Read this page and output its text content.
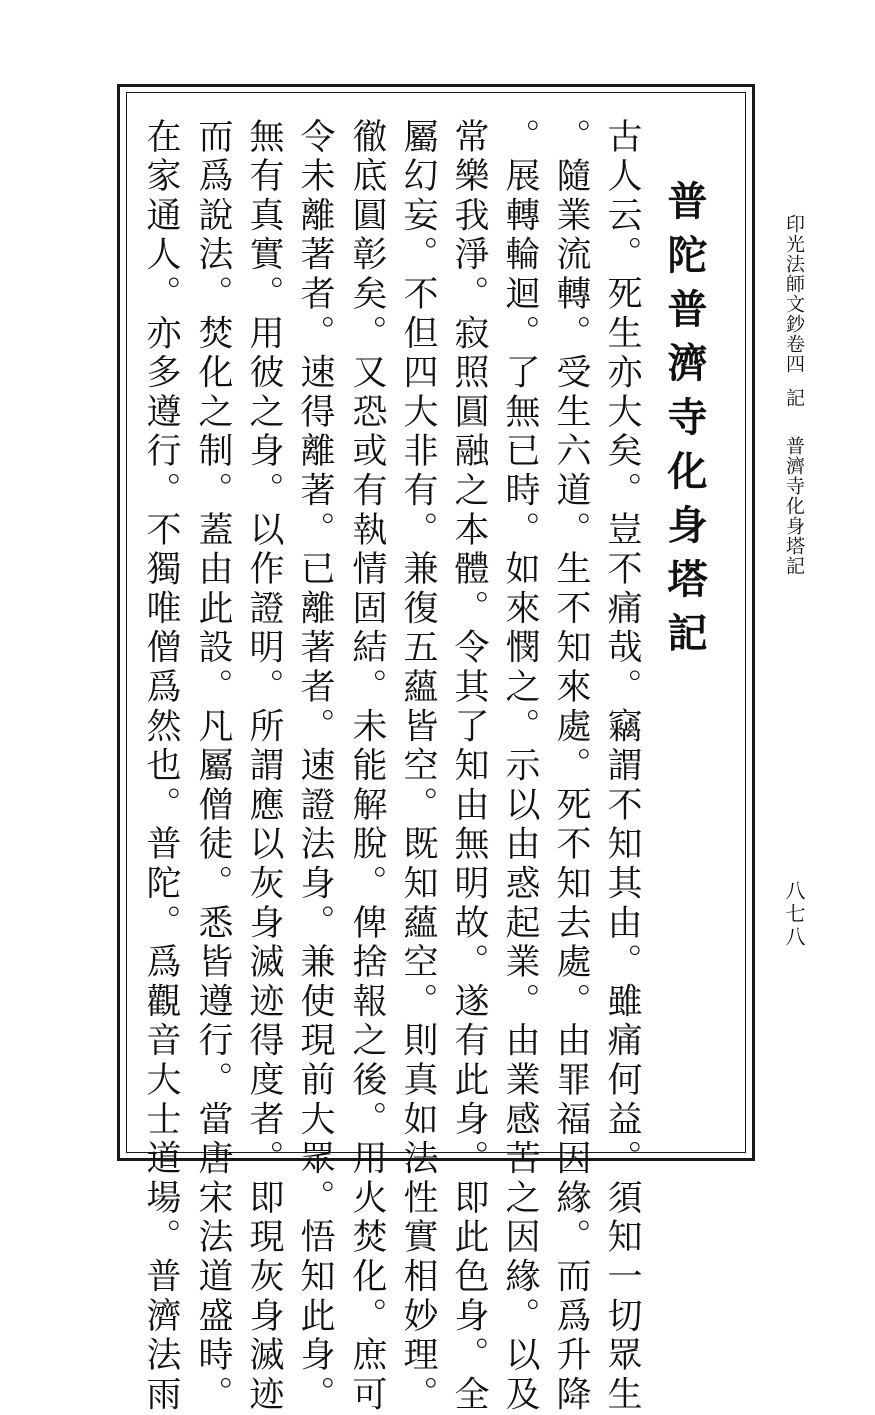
印光法師文鈔卷四記普濟寺化身塔記
八七八
普陀普濟寺化身塔記
古人云。死生亦大矣。豈不痛哉。竊謂不知其由。雖痛何益。須知一切眾生
。隨業流轉。受生六道。生不知來處。死不知去處。由罪福因緣。而爲升降
。展轉輪迴。了無已時。如來憫之。示以由惑起業。由業感苦之因緣。以及
常樂我淨。寂照圓融之本體。令其了知由無明故。遂有此身。即此色身。全
屬幻妄。不但四大非有。兼復五蘊皆空。既知蘊空。則真如法性實相妙理。
徹底圓彰矣。又恐或有執情固結。未能解脫。俾捨報之後。用火焚化。庶可
令未離著者。速得離著。已離著者。速證法身。兼使現前大眾。悟知此身。
無有真實。用彼之身。以作證明。所謂應以灰身滅迹得度者。即現灰身滅迹
而爲說法。焚化之制。蓋由此設。凡屬僧徒。悉皆遵行。當唐宋法道盛時。
在家通人。亦多遵行。不獨唯僧爲然也。普陀。爲觀音大士道場。普濟法雨
